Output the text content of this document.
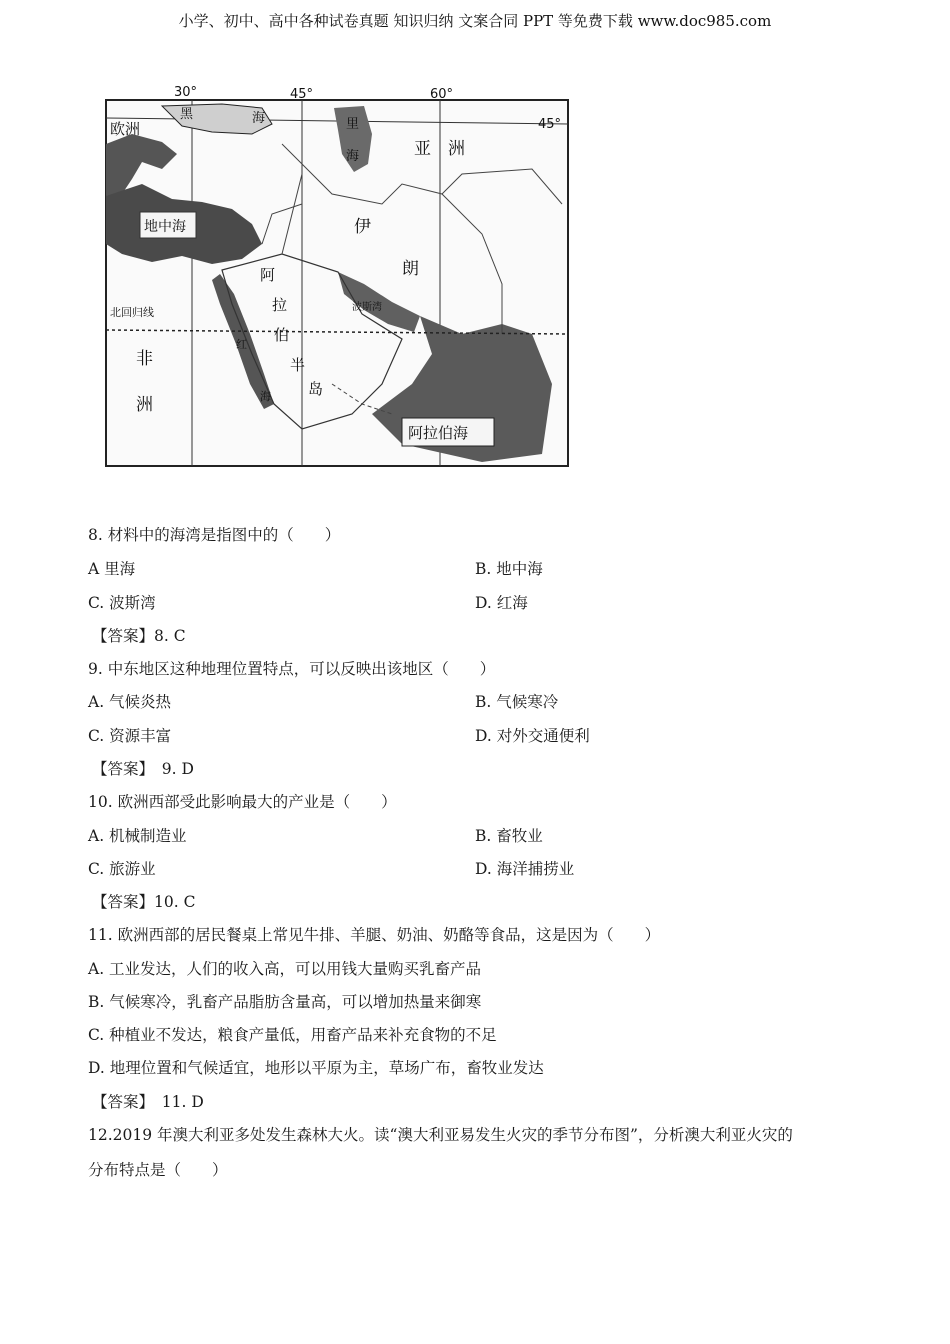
小学、初中、高中各种试卷真题 知识归纳 文案合同 PPT 等免费下载 www.doc985.com
30°	45°	60°
45°
欧洲
黑	海	里
海	亚　洲
地中海	伊
朗
阿
拉
伯
半
岛
北回归线
非
洲
红
海
波斯湾
阿拉伯海
8. 材料中的海湾是指图中的（　　）
A 里海	B. 地中海
C. 波斯湾	D. 红海
【答案】8. C
9. 中东地区这种地理位置特点，可以反映出该地区（　　）
A. 气候炎热	B. 气候寒冷
C. 资源丰富	D. 对外交通便利
【答案】　9. D
10. 欧洲西部受此影响最大的产业是（　　）
A. 机械制造业	B. 畜牧业
C. 旅游业	D. 海洋捕捞业
【答案】10. C
11. 欧洲西部的居民餐桌上常见牛排、羊腿、奶油、奶酪等食品，这是因为（　　）
A. 工业发达，人们的收入高，可以用钱大量购买乳畜产品
B. 气候寒冷，乳畜产品脂肪含量高，可以增加热量来御寒
C. 种植业不发达，粮食产量低，用畜产品来补充食物的不足
D. 地理位置和气候适宜，地形以平原为主，草场广布，畜牧业发达
【答案】　11. D
12.2019 年澳大利亚多处发生森林大火。读“澳大利亚易发生火灾的季节分布图”，分析澳大利亚火灾的
分布特点是（　　）
